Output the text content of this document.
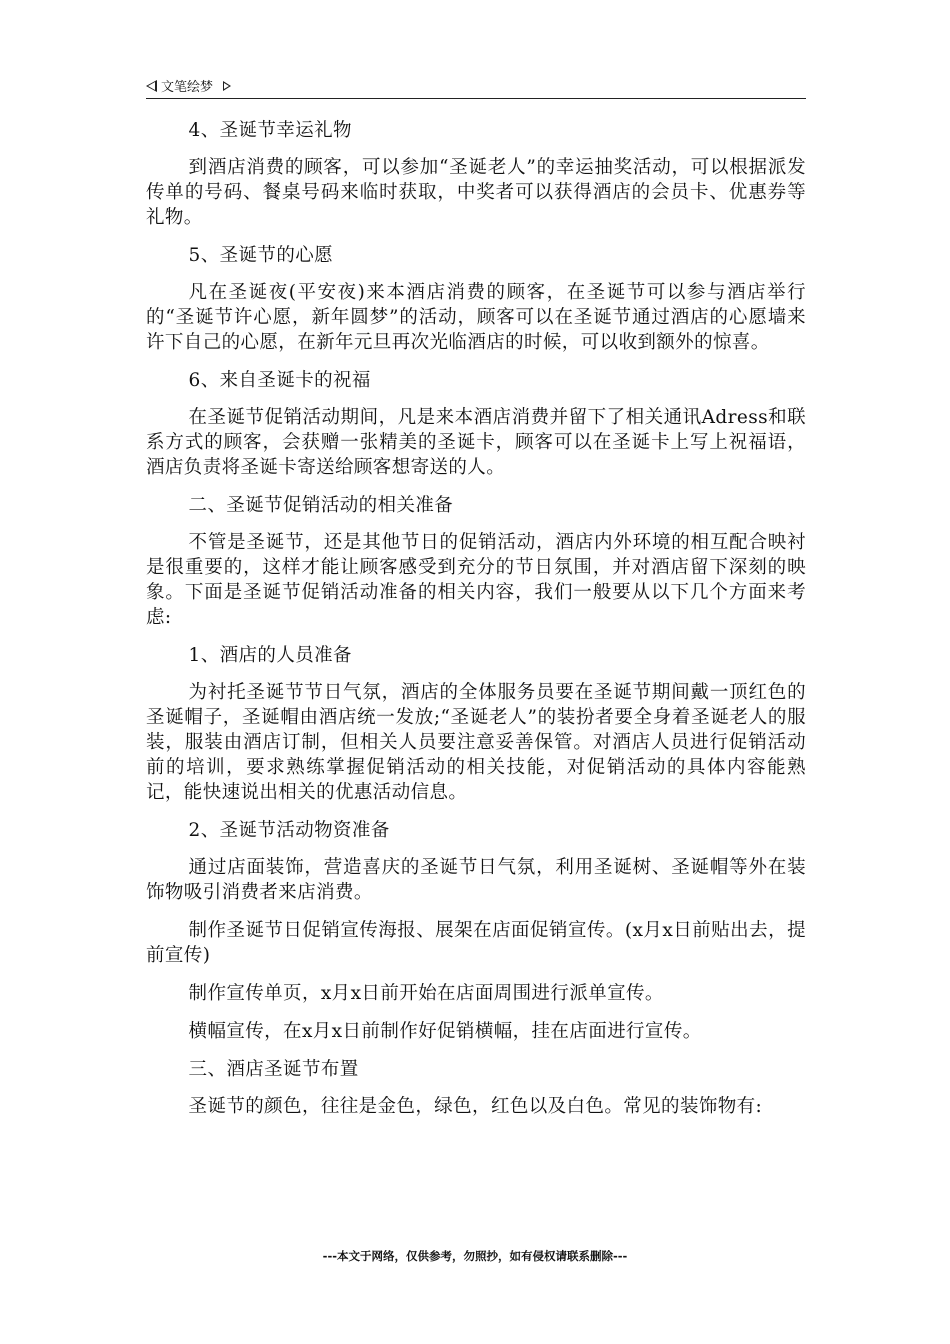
文笔绘梦

4、圣诞节幸运礼物

到酒店消费的顾客，可以参加“圣诞老人”的幸运抽奖活动，可以根据派发传单的号码、餐桌号码来临时获取，中奖者可以获得酒店的会员卡、优惠券等礼物。

5、圣诞节的心愿

凡在圣诞夜(平安夜)来本酒店消费的顾客，在圣诞节可以参与酒店举行的“圣诞节许心愿，新年圆梦”的活动，顾客可以在圣诞节通过酒店的心愿墙来许下自己的心愿，在新年元旦再次光临酒店的时候，可以收到额外的惊喜。

6、来自圣诞卡的祝福

在圣诞节促销活动期间，凡是来本酒店消费并留下了相关通讯Adress和联系方式的顾客，会获赠一张精美的圣诞卡，顾客可以在圣诞卡上写上祝福语，酒店负责将圣诞卡寄送给顾客想寄送的人。

二、圣诞节促销活动的相关准备

不管是圣诞节，还是其他节日的促销活动，酒店内外环境的相互配合映衬是很重要的，这样才能让顾客感受到充分的节日氛围，并对酒店留下深刻的映象。下面是圣诞节促销活动准备的相关内容，我们一般要从以下几个方面来考虑:

1、酒店的人员准备

为衬托圣诞节节日气氛，酒店的全体服务员要在圣诞节期间戴一顶红色的圣诞帽子，圣诞帽由酒店统一发放;“圣诞老人”的装扮者要全身着圣诞老人的服装，服装由酒店订制，但相关人员要注意妥善保管。对酒店人员进行促销活动前的培训，要求熟练掌握促销活动的相关技能，对促销活动的具体内容能熟记，能快速说出相关的优惠活动信息。

2、圣诞节活动物资准备

通过店面装饰，营造喜庆的圣诞节日气氛，利用圣诞树、圣诞帽等外在装饰物吸引消费者来店消费。

制作圣诞节日促销宣传海报、展架在店面促销宣传。(x月x日前贴出去，提前宣传)

制作宣传单页，x月x日前开始在店面周围进行派单宣传。

横幅宣传，在x月x日前制作好促销横幅，挂在店面进行宣传。

三、酒店圣诞节布置

圣诞节的颜色，往往是金色，绿色，红色以及白色。常见的装饰物有:

---本文于网络，仅供参考，勿照抄，如有侵权请联系删除---
